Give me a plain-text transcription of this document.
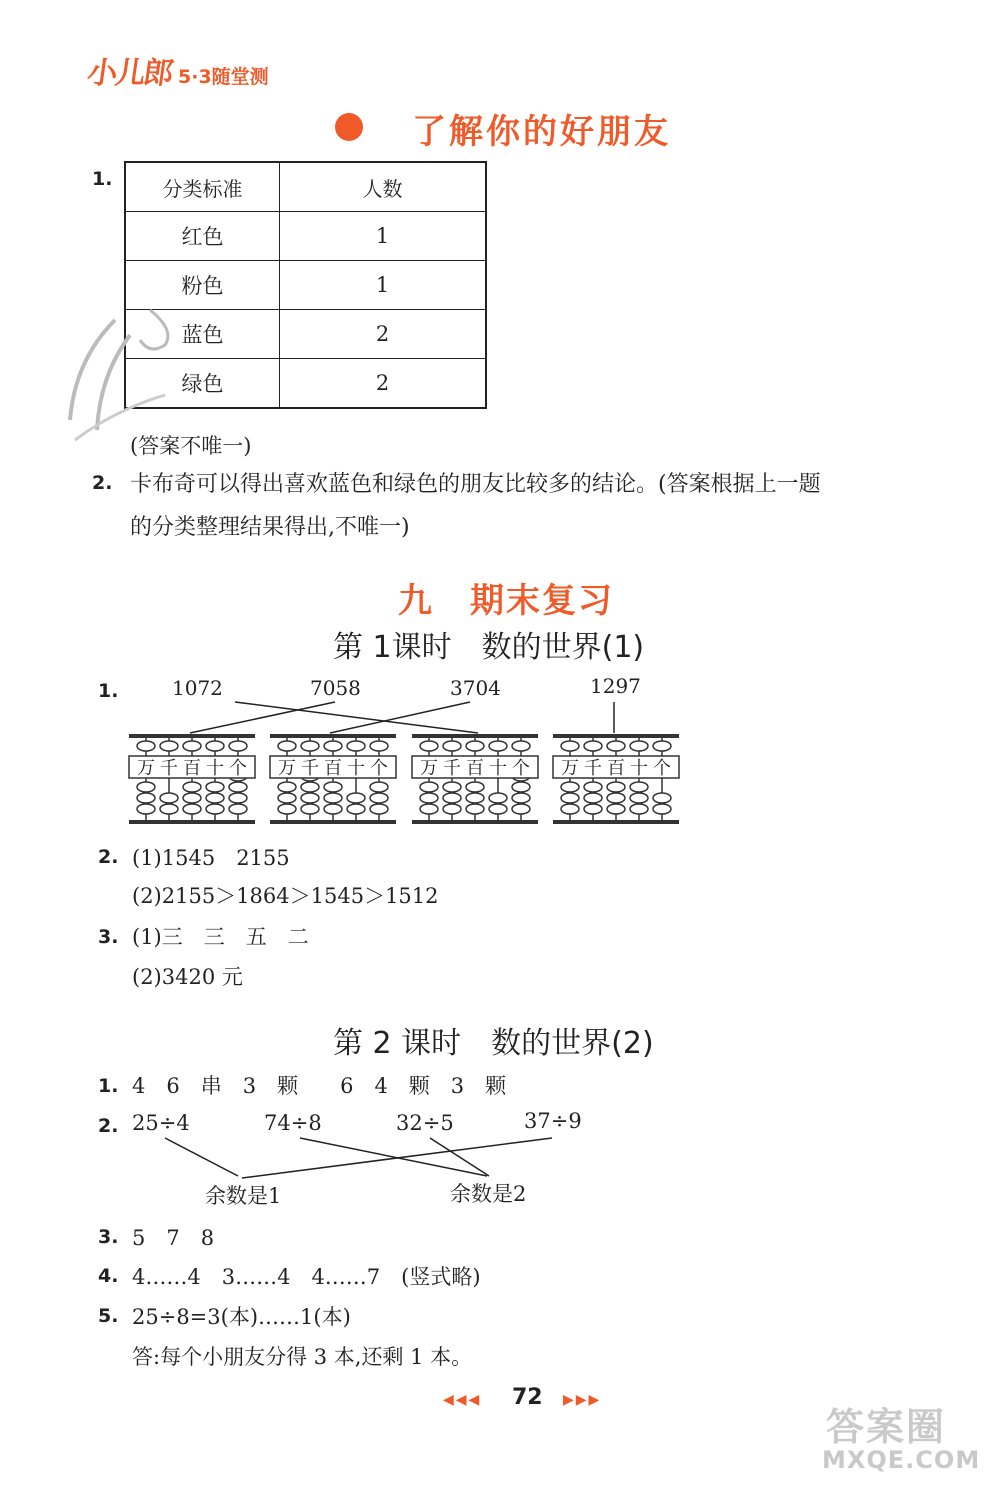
小儿郎 5·3随堂测
了解你的好朋友
1.	分类标准	人数
红色	1
粉色	1
蓝色	2
绿色	2
(答案不唯一)
2. 卡布奇可以得出喜欢蓝色和绿色的朋友比较多的结论。(答案根据上一题
的分类整理结果得出,不唯一)
九　期末复习
第 1课时　数的世界(1)
1.	1072	7058	3704	1297
万 千 百 十 个 万 千 百 十 个 万 千 百 十 个 万 千 百 十 个
2. (1)1545　2155
(2)2155＞1864＞1545＞1512
3. (1)三　三　五　二
(2)3420 元
第 2 课时　数的世界(2)
1. 4　6　串　3　颗　　6　4　颗　3　颗
2. 25÷4	74÷8	32÷5	37÷9
余数是1	余数是2
3. 5　7　8
4. 4……4　3……4　4……7　(竖式略)
5. 25÷8=3(本)……1(本)
答:每个小朋友分得 3 本,还剩 1 本。
◀◀◀ 72 ▶▶▶
答案圈
MXQE.COM
